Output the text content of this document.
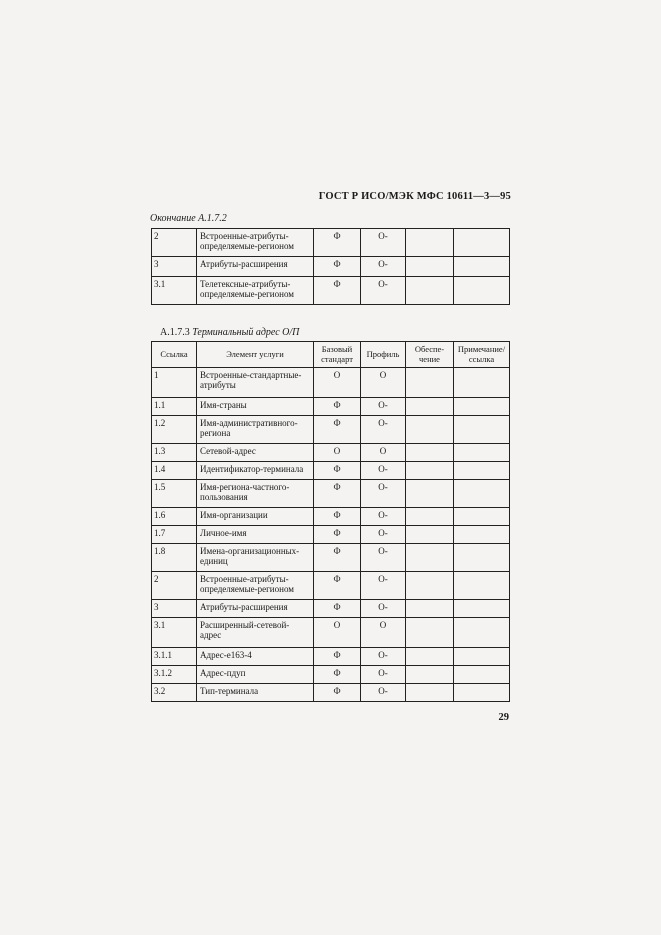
ГОСТ Р ИСО/МЭК МФС 10611—3—95
Окончание А.1.7.2
2	Встроенные-атрибуты-определяемые-регионом	Ф	О-		
3	Атрибуты-расширения	Ф	О-		
3.1	Телетексные-атрибуты-определяемые-регионом	Ф	О-		
А.1.7.3 Терминальный адрес О/П
Ссылка	Элемент услуги	Базовый стандарт	Профиль	Обеспе-чение	Примечание/ ссылка
1	Встроенные-стандартные-атрибуты	О	О		
1.1	Имя-страны	Ф	О-		
1.2	Имя-административного-региона	Ф	О-		
1.3	Сетевой-адрес	О	О		
1.4	Идентификатор-терминала	Ф	О-		
1.5	Имя-региона-частного-пользования	Ф	О-		
1.6	Имя-организации	Ф	О-		
1.7	Личное-имя	Ф	О-		
1.8	Имена-организационных-единиц	Ф	О-		
2	Встроенные-атрибуты-определяемые-регионом	Ф	О-		
3	Атрибуты-расширения	Ф	О-		
3.1	Расширенный-сетевой-адрес	О	О		
3.1.1	Адрес-е163-4	Ф	О-		
3.1.2	Адрес-пдуп	Ф	О-		
3.2	Тип-терминала	Ф	О-		
29
